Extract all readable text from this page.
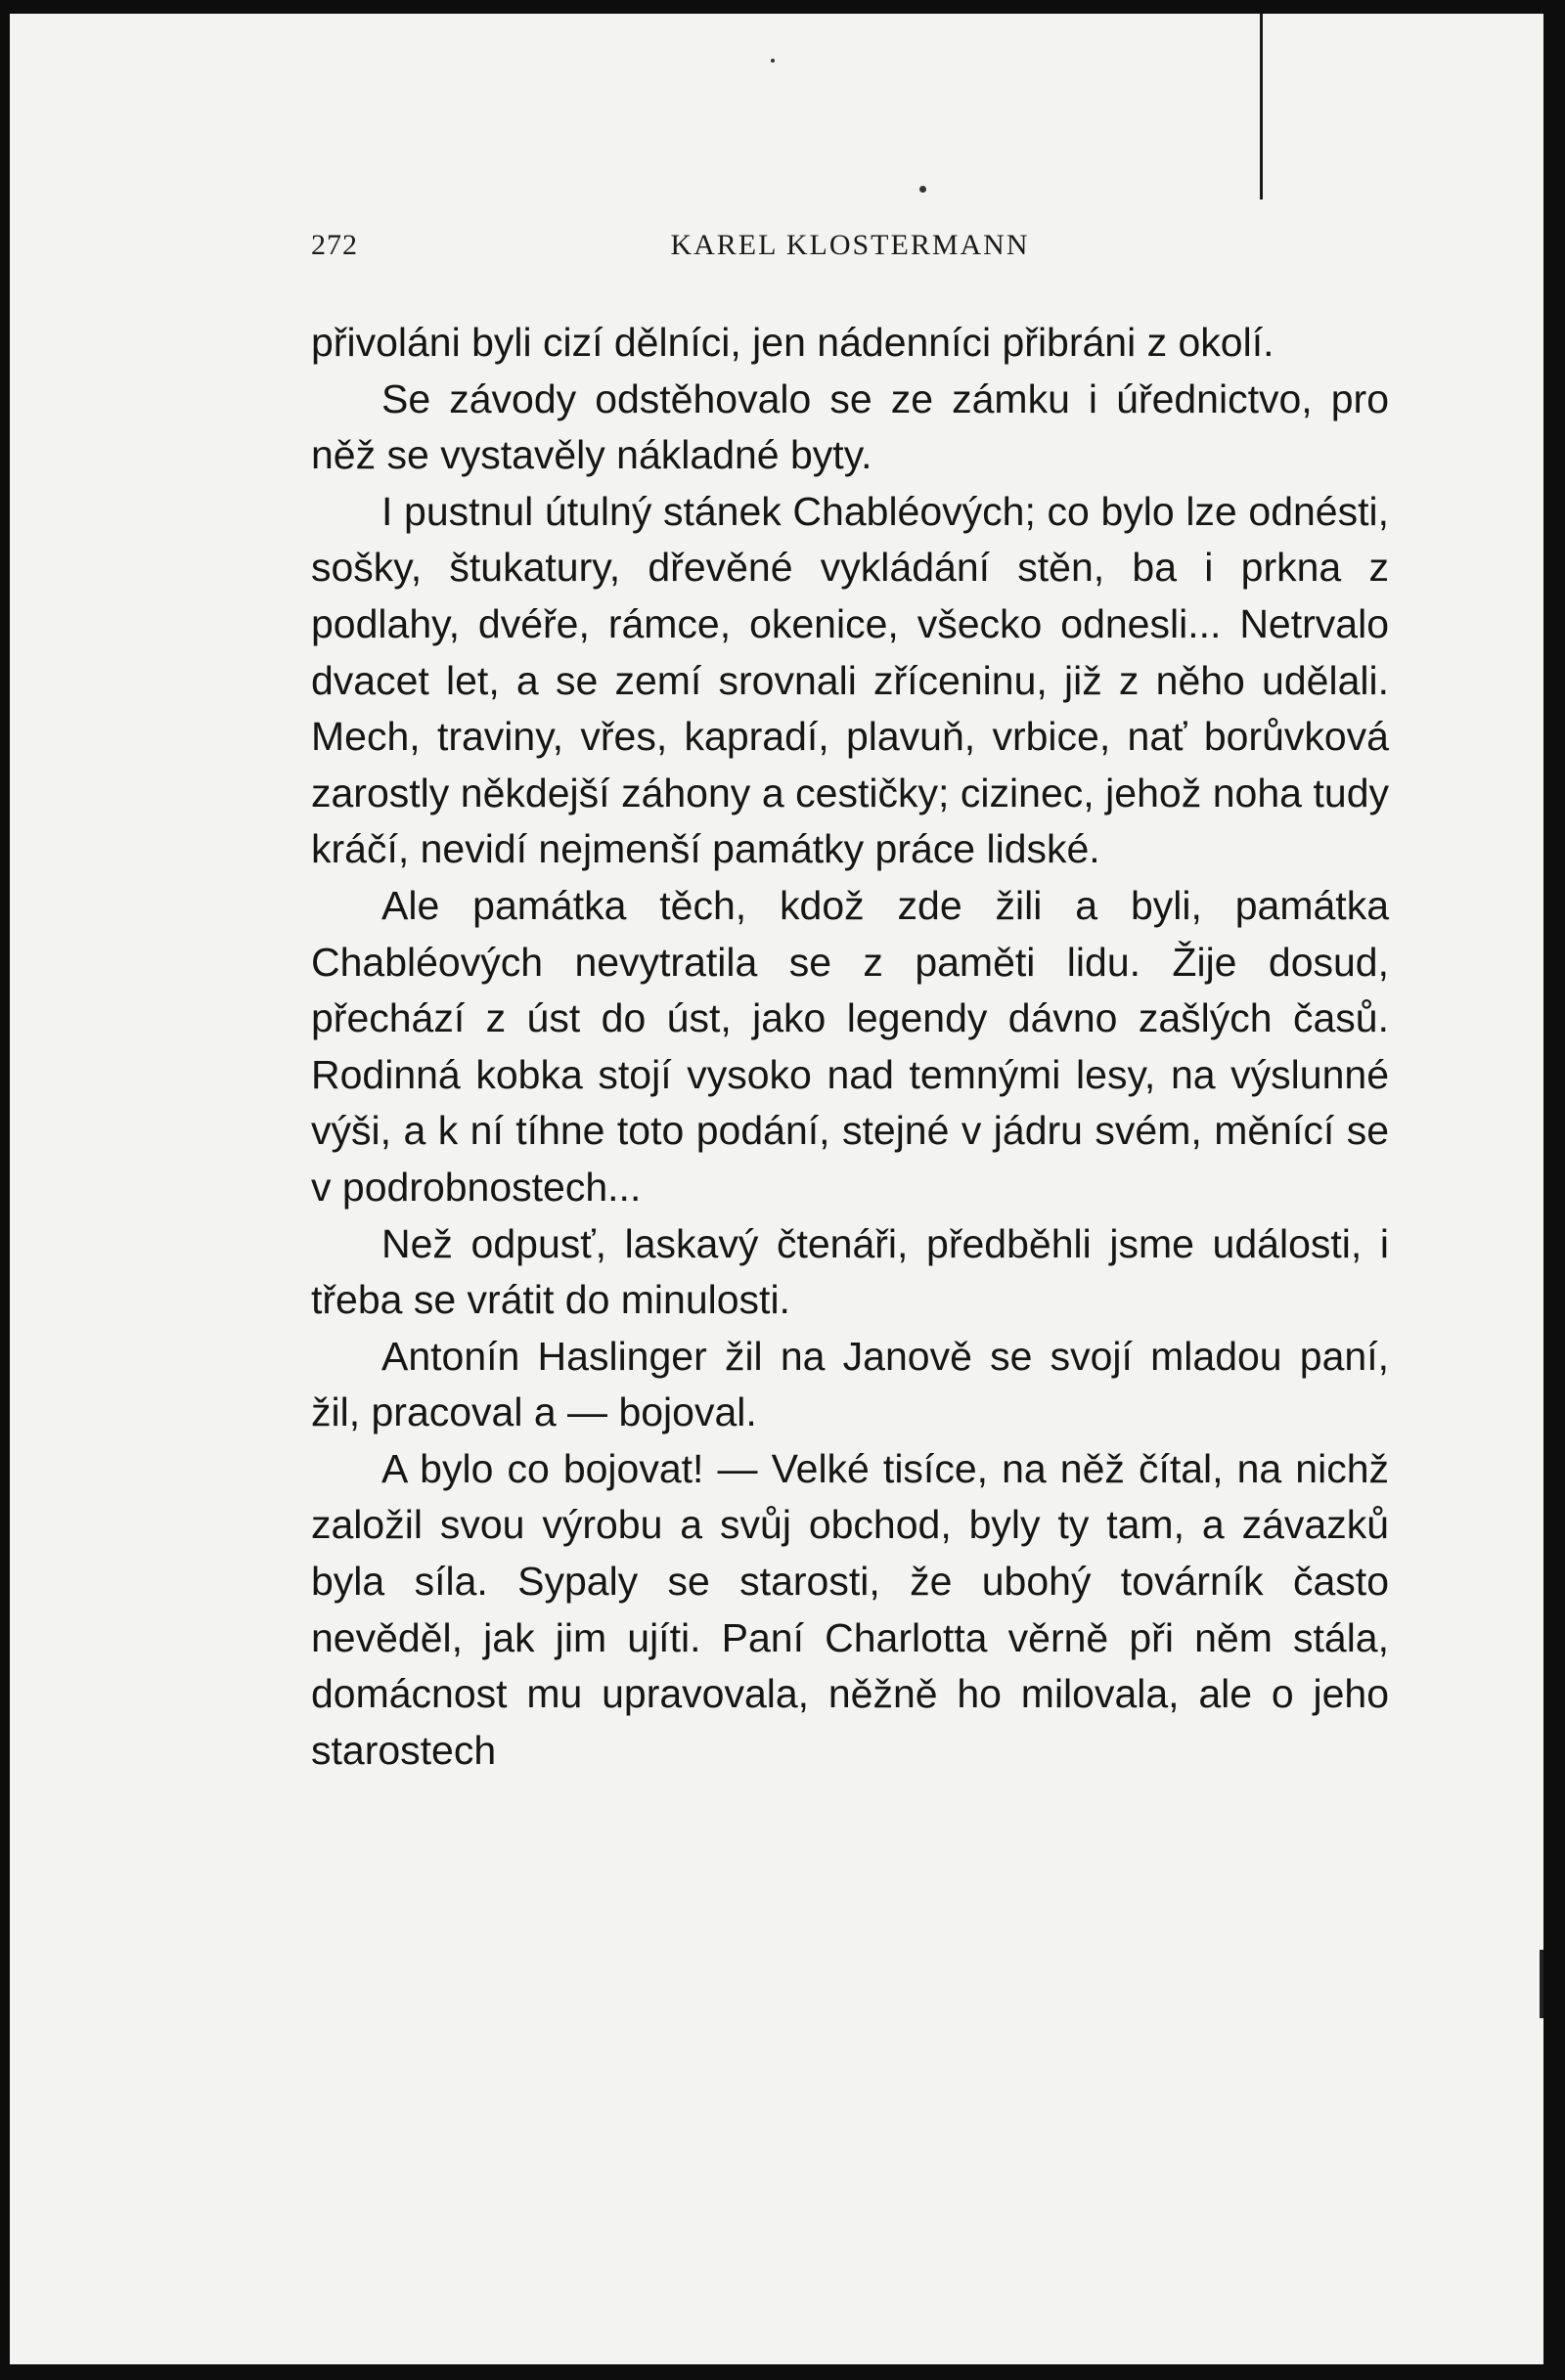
272	KAREL KLOSTERMANN

přivoláni byli cizí dělníci, jen nádenníci přibráni z okolí.

Se závody odstěhovalo se ze zámku i úřednictvo, pro něž se vystavěly nákladné byty.

I pustnul útulný stánek Chabléových; co bylo lze odnésti, sošky, štukatury, dřevěné vykládání stěn, ba i prkna z podlahy, dvéře, rámce, okenice, všecko odnesli... Netrvalo dvacet let, a se zemí srovnali zříceninu, již z něho udělali. Mech, traviny, vřes, kapradí, plavuň, vrbice, nať borůvková zarostly někdejší záhony a cestičky; cizinec, jehož noha tudy kráčí, nevidí nejmenší památky práce lidské.

Ale památka těch, kdož zde žili a byli, památka Chabléových nevytratila se z paměti lidu. Žije dosud, přechází z úst do úst, jako legendy dávno zašlých časů. Rodinná kobka stojí vysoko nad temnými lesy, na výslunné výši, a k ní tíhne toto podání, stejné v jádru svém, měnící se v podrobnostech...

Než odpusť, laskavý čtenáři, předběhli jsme události, i třeba se vrátit do minulosti.

Antonín Haslinger žil na Janově se svojí mladou paní, žil, pracoval a — bojoval.

A bylo co bojovat! — Velké tisíce, na něž čítal, na nichž založil svou výrobu a svůj obchod, byly ty tam, a závazků byla síla. Sypaly se starosti, že ubohý továrník často nevěděl, jak jim ujíti. Paní Charlotta věrně při něm stála, domácnost mu upravovala, něžně ho milovala, ale o jeho starostech
